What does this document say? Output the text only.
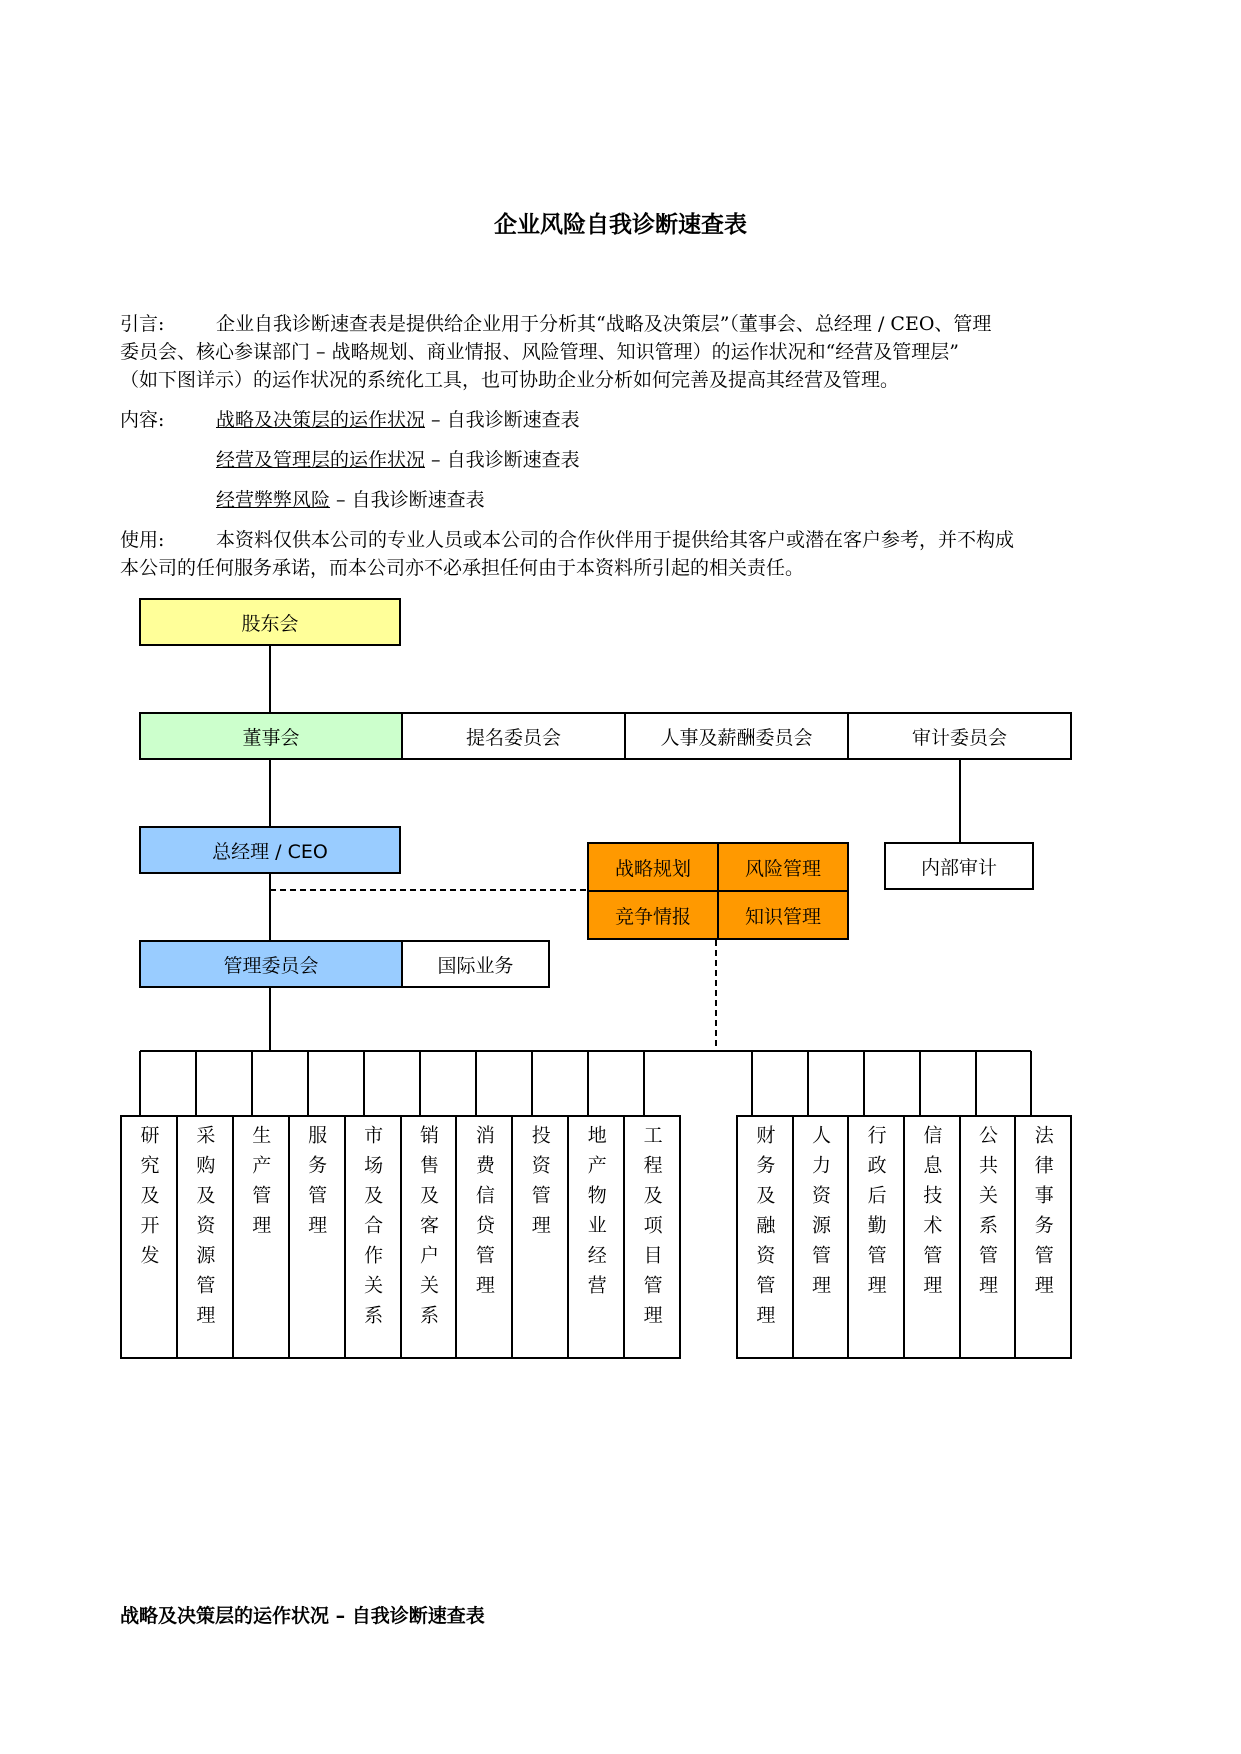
企业风险自我诊断速查表
引言:	企业自我诊断速查表是提供给企业用于分析其“战略及决策层”（董事会、总经理 / CEO、管理
委员会、核心参谋部门 – 战略规划、商业情报、风险管理、知识管理）的运作状况和“经营及管理层”
（如下图详示）的运作状况的系统化工具，也可协助企业分析如何完善及提高其经营及管理。
内容:	战略及决策层的运作状况 – 自我诊断速查表
经营及管理层的运作状况 – 自我诊断速查表
经营弊弊风险 – 自我诊断速查表
使用:	本资料仅供本公司的专业人员或本公司的合作伙伴用于提供给其客户或潜在客户参考，并不构成
本公司的任何服务承诺，而本公司亦不必承担任何由于本资料所引起的相关责任。
股东会
董事会	提名委员会	人事及薪酬委员会	审计委员会
总经理 / CEO
内部审计
战略规划	风险管理
竞争情报	知识管理
管理委员会	国际业务
研究及开发 采购及资源管理 生产管理 服务管理 市场及合作关系 销售及客户关系 消费信贷管理 投资管理 地产物业经营 工程及项目管理	财务及融资管理 人力资源管理 行政后勤管理 信息技术管理 公共关系管理 法律事务管理
战略及决策层的运作状况 – 自我诊断速查表
